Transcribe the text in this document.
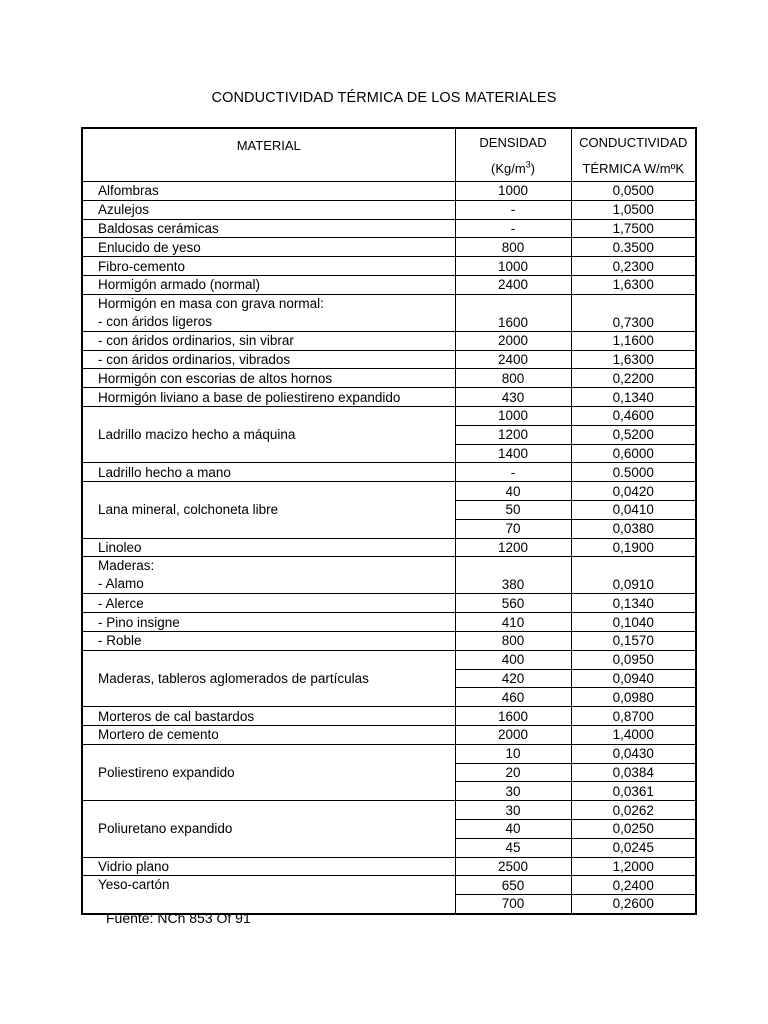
CONDUCTIVIDAD TÉRMICA DE LOS MATERIALES
MATERIAL	DENSIDAD	CONDUCTIVIDAD
	$(Kg/m^3)$	TÉRMICA W/mºK
Alfombras	1000	0,0500
Azulejos	-	1,0500
Baldosas cerámicas	-	1,7500
Enlucido de yeso	800	0.3500
Fibro-cemento	1000	0,2300
Hormigón armado (normal)	2400	1,6300

Hormigón en masa con grava normal:
- con áridos ligeros	1600	0,7300
- con áridos ordinarios, sin vibrar	2000	1,1600
- con áridos ordinarios, vibrados	2400	1,6300
Hormigón con escorias de altos hornos	800	0,2200
Hormigón liviano a base de poliestireno expandido	430	0,1340
Ladrillo macizo hecho a máquina	1000	0,4600
	1200	0,5200
	1400	0,6000
Ladrillo hecho a mano	-	0.5000
Lana mineral, colchoneta libre	40	0,0420
	50	0,0410
	70	0,0380
Linoleo	1200	0,1900

Maderas:
- Alamo	380	0,0910
- Alerce	560	0,1340
- Pino insigne	410	0,1040
- Roble	800	0,1570
Maderas, tableros aglomerados de partículas	400	0,0950
	420	0,0940
	460	0,0980
Morteros de cal bastardos	1600	0,8700
Mortero de cemento	2000	1,4000
Poliestireno expandido	10	0,0430
	20	0,0384
	30	0,0361
Poliuretano expandido	30	0,0262
	40	0,0250
	45	0,0245
Vidrio plano	2500	1,2000
Yeso-cartón	650	0,2400
	700	0,2600
Fuente: NCh 853 Of 91
